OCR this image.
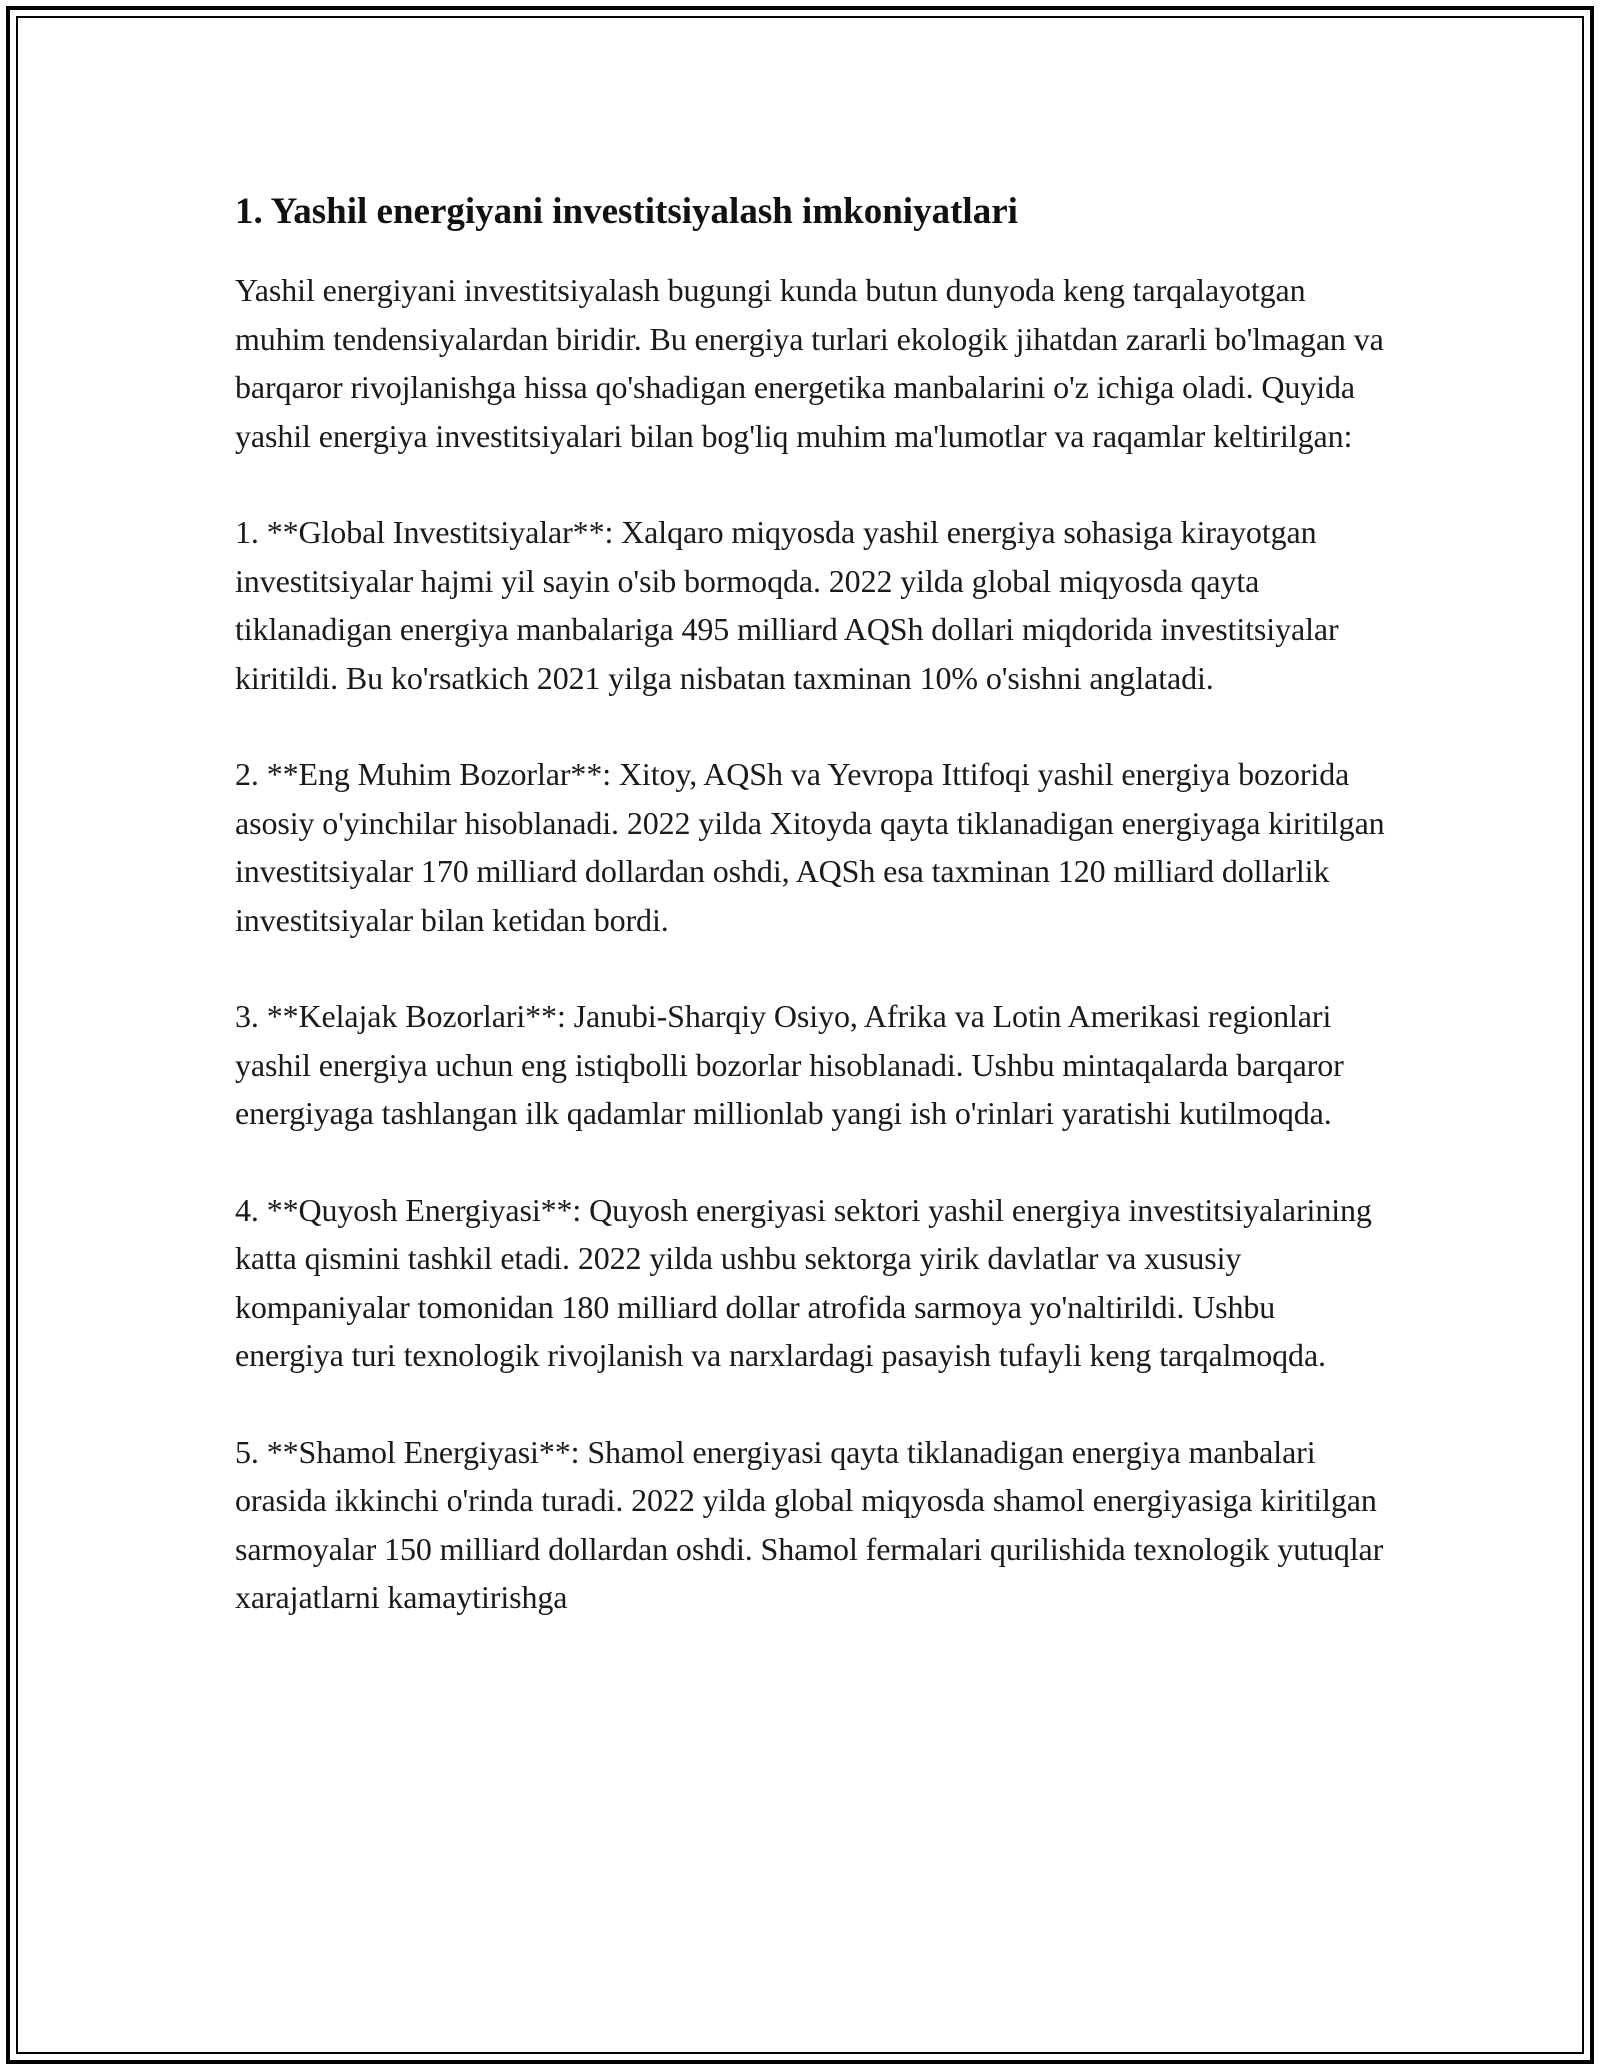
1. Yashil energiyani investitsiyalash imkoniyatlari

Yashil energiyani investitsiyalash bugungi kunda butun dunyoda keng tarqalayotgan muhim tendensiyalardan biridir. Bu energiya turlari ekologik jihatdan zararli bo'lmagan va barqaror rivojlanishga hissa qo'shadigan energetika manbalarini o'z ichiga oladi. Quyida yashil energiya investitsiyalari bilan bog'liq muhim ma'lumotlar va raqamlar keltirilgan:

1. **Global Investitsiyalar**: Xalqaro miqyosda yashil energiya sohasiga kirayotgan investitsiyalar hajmi yil sayin o'sib bormoqda. 2022 yilda global miqyosda qayta tiklanadigan energiya manbalariga 495 milliard AQSh dollari miqdorida investitsiyalar kiritildi. Bu ko'rsatkich 2021 yilga nisbatan taxminan 10% o'sishni anglatadi.

2. **Eng Muhim Bozorlar**: Xitoy, AQSh va Yevropa Ittifoqi yashil energiya bozorida asosiy o'yinchilar hisoblanadi. 2022 yilda Xitoyda qayta tiklanadigan energiyaga kiritilgan investitsiyalar 170 milliard dollardan oshdi, AQSh esa taxminan 120 milliard dollarlik investitsiyalar bilan ketidan bordi.

3. **Kelajak Bozorlari**: Janubi-Sharqiy Osiyo, Afrika va Lotin Amerikasi regionlari yashil energiya uchun eng istiqbolli bozorlar hisoblanadi. Ushbu mintaqalarda barqaror energiyaga tashlangan ilk qadamlar millionlab yangi ish o'rinlari yaratishi kutilmoqda.

4. **Quyosh Energiyasi**: Quyosh energiyasi sektori yashil energiya investitsiyalarining katta qismini tashkil etadi. 2022 yilda ushbu sektorga yirik davlatlar va xususiy kompaniyalar tomonidan 180 milliard dollar atrofida sarmoya yo'naltirildi. Ushbu energiya turi texnologik rivojlanish va narxlardagi pasayish tufayli keng tarqalmoqda.

5. **Shamol Energiyasi**: Shamol energiyasi qayta tiklanadigan energiya manbalari orasida ikkinchi o'rinda turadi. 2022 yilda global miqyosda shamol energiyasiga kiritilgan sarmoyalar 150 milliard dollardan oshdi. Shamol fermalari qurilishida texnologik yutuqlar xarajatlarni kamaytirishga
